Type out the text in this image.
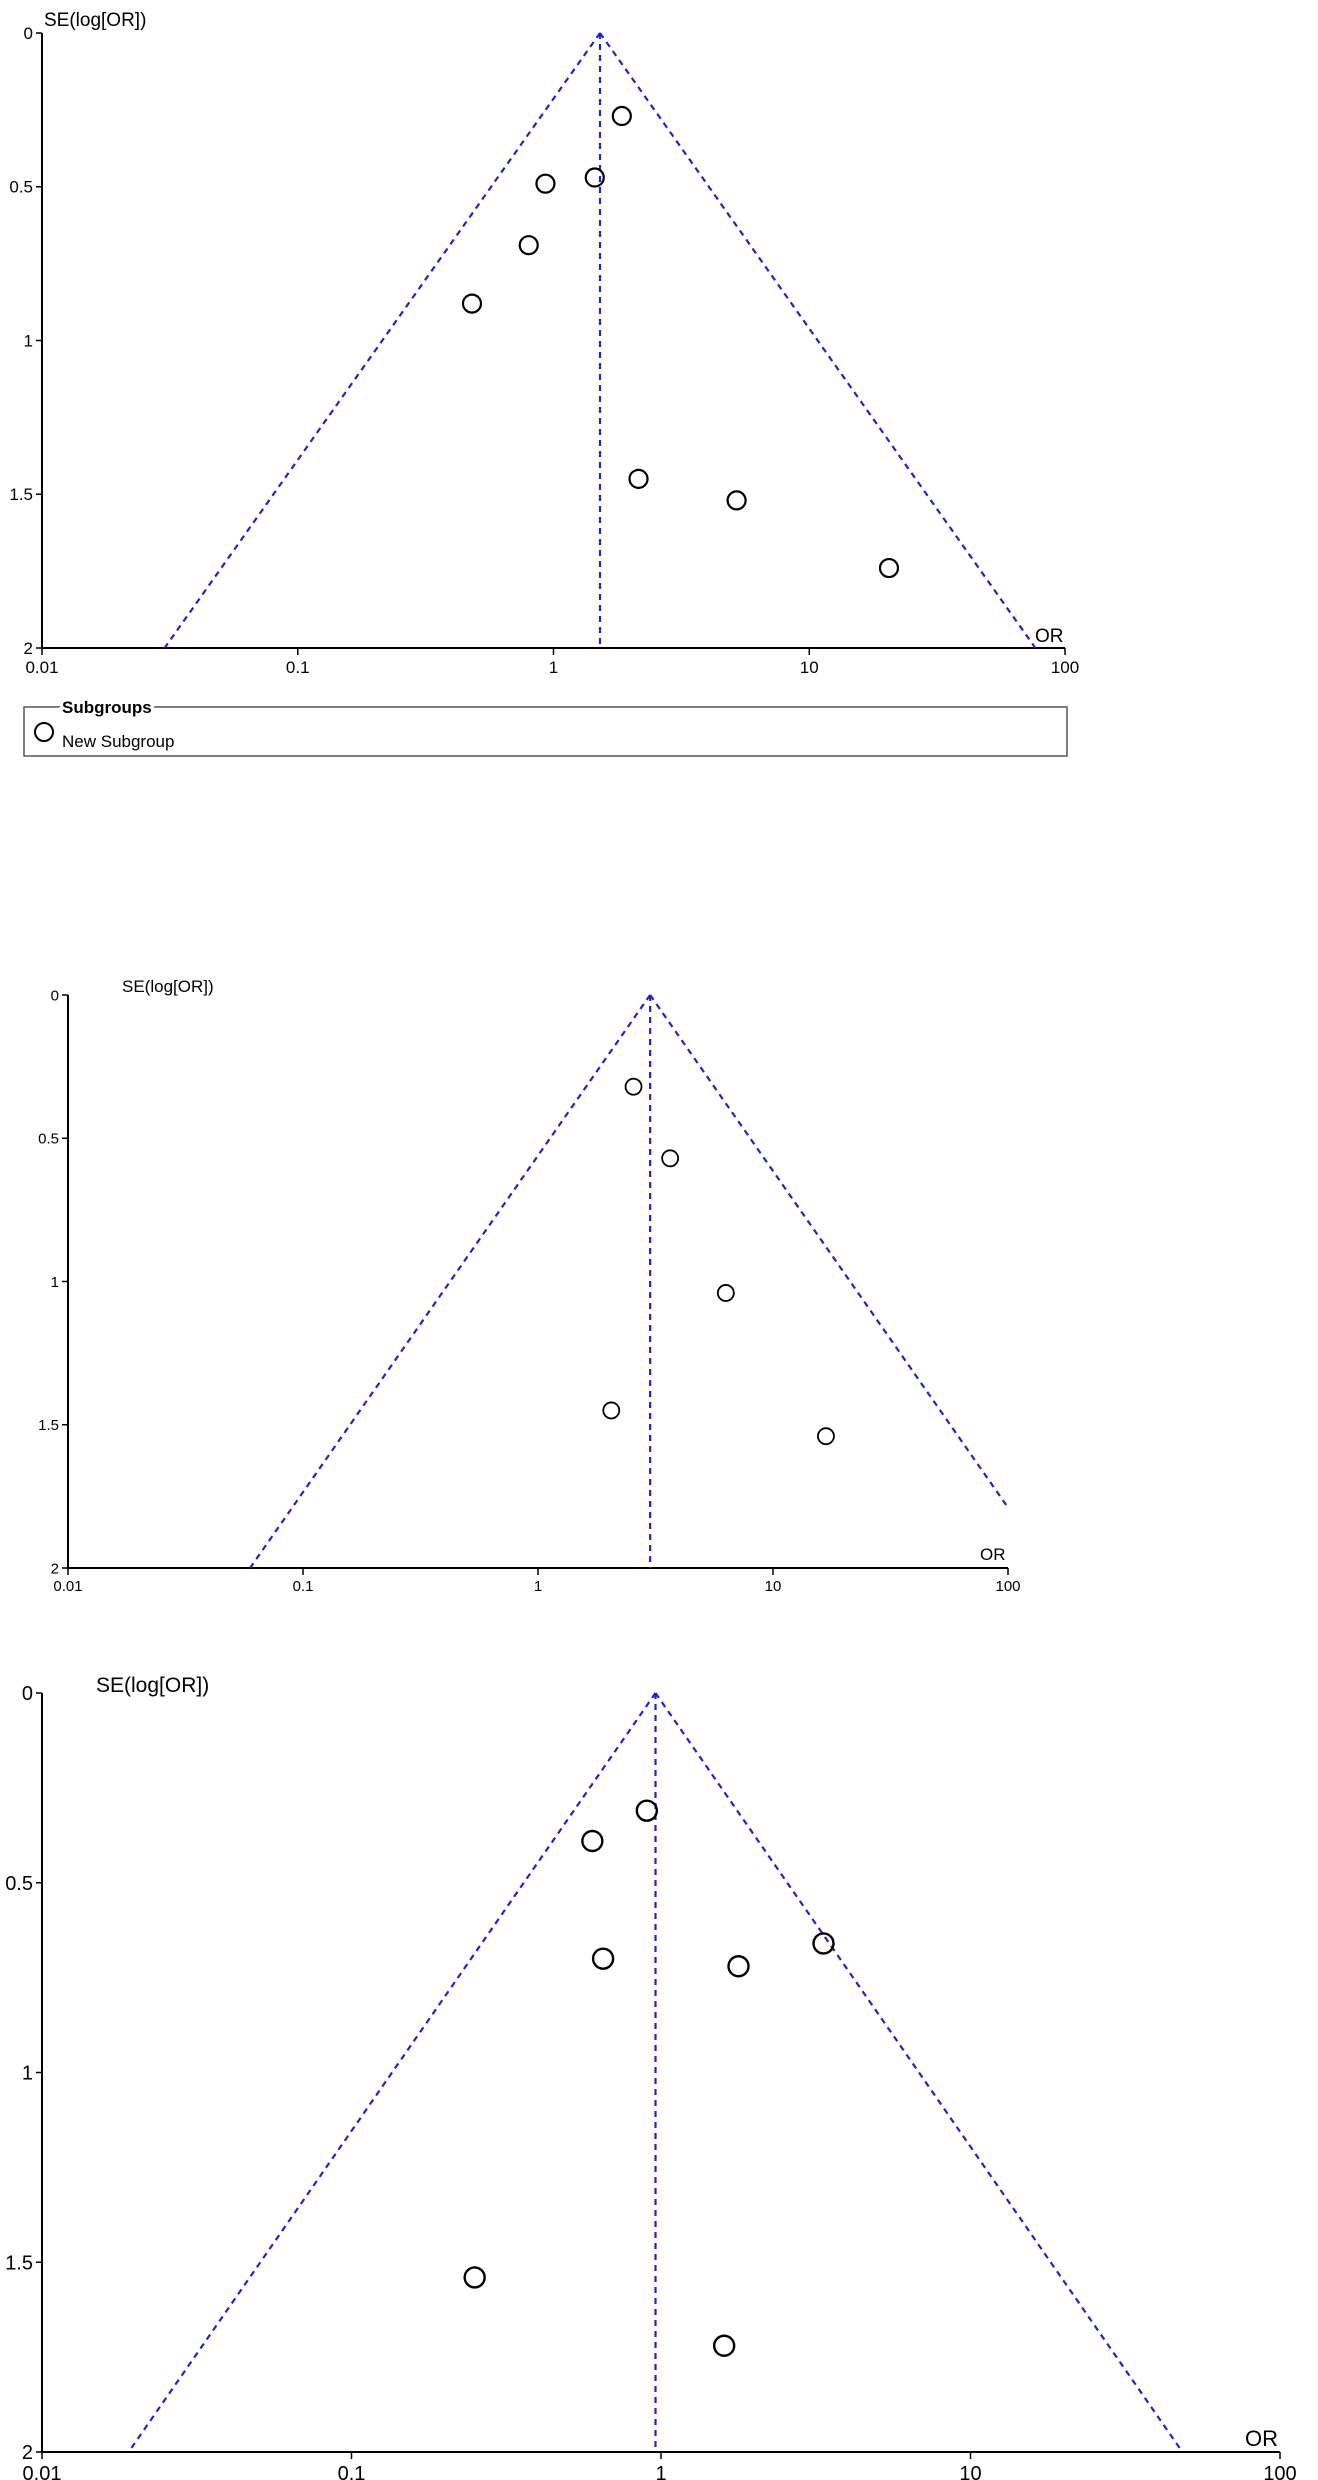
SE(log[OR])
OR
0.01	0.1	1	10	100
0
0.5
1
1.5
2
Subgroups
New Subgroup
SE(log[OR])
OR
0.01	0.1	1	10	100
0
0.5
1
1.5
2
SE(log[OR])
OR
0.01	0.1	1	10	100
0
0.5
1
1.5
2
